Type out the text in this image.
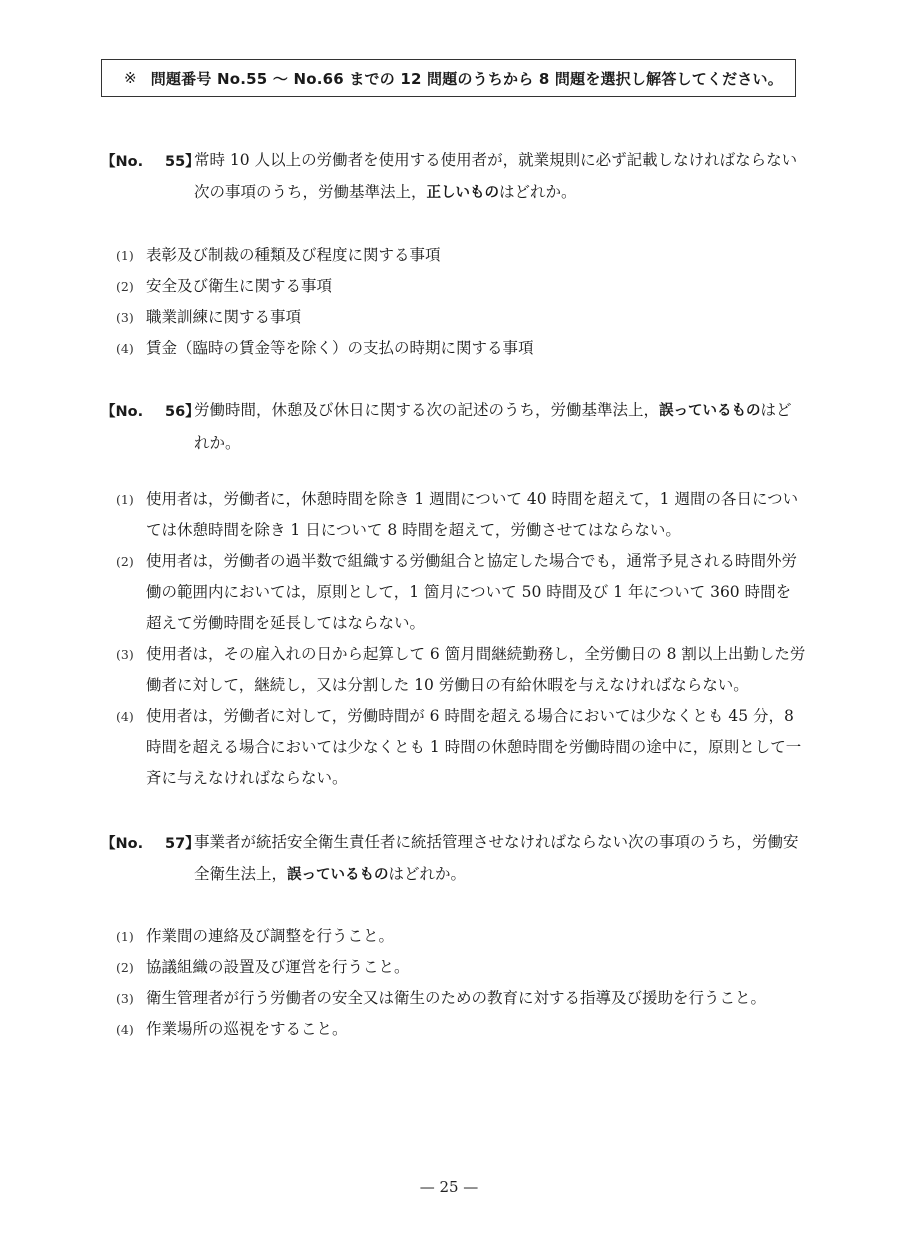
※ 問題番号 No.55 ～ No.66 までの 12 問題のうちから 8 問題を選択し解答してください。
【No. 55】
常時 10 人以上の労働者を使用する使用者が，就業規則に必ず記載しなければならない次の事項のうち，労働基準法上，正しいものはどれか。
(1) 表彰及び制裁の種類及び程度に関する事項
(2) 安全及び衛生に関する事項
(3) 職業訓練に関する事項
(4) 賃金（臨時の賃金等を除く）の支払の時期に関する事項
【No. 56】
労働時間，休憩及び休日に関する次の記述のうち，労働基準法上，誤っているものはどれか。
(1) 使用者は，労働者に，休憩時間を除き 1 週間について 40 時間を超えて，1 週間の各日については休憩時間を除き 1 日について 8 時間を超えて，労働させてはならない。
(2) 使用者は，労働者の過半数で組織する労働組合と協定した場合でも，通常予見される時間外労働の範囲内においては，原則として，1 箇月について 50 時間及び 1 年について 360 時間を超えて労働時間を延長してはならない。
(3) 使用者は，その雇入れの日から起算して 6 箇月間継続勤務し，全労働日の 8 割以上出勤した労働者に対して，継続し，又は分割した 10 労働日の有給休暇を与えなければならない。
(4) 使用者は，労働者に対して，労働時間が 6 時間を超える場合においては少なくとも 45 分，8 時間を超える場合においては少なくとも 1 時間の休憩時間を労働時間の途中に，原則として一斉に与えなければならない。
【No. 57】
事業者が統括安全衛生責任者に統括管理させなければならない次の事項のうち，労働安全衛生法上，誤っているものはどれか。
(1) 作業間の連絡及び調整を行うこと。
(2) 協議組織の設置及び運営を行うこと。
(3) 衛生管理者が行う労働者の安全又は衛生のための教育に対する指導及び援助を行うこと。
(4) 作業場所の巡視をすること。
— 25 —
